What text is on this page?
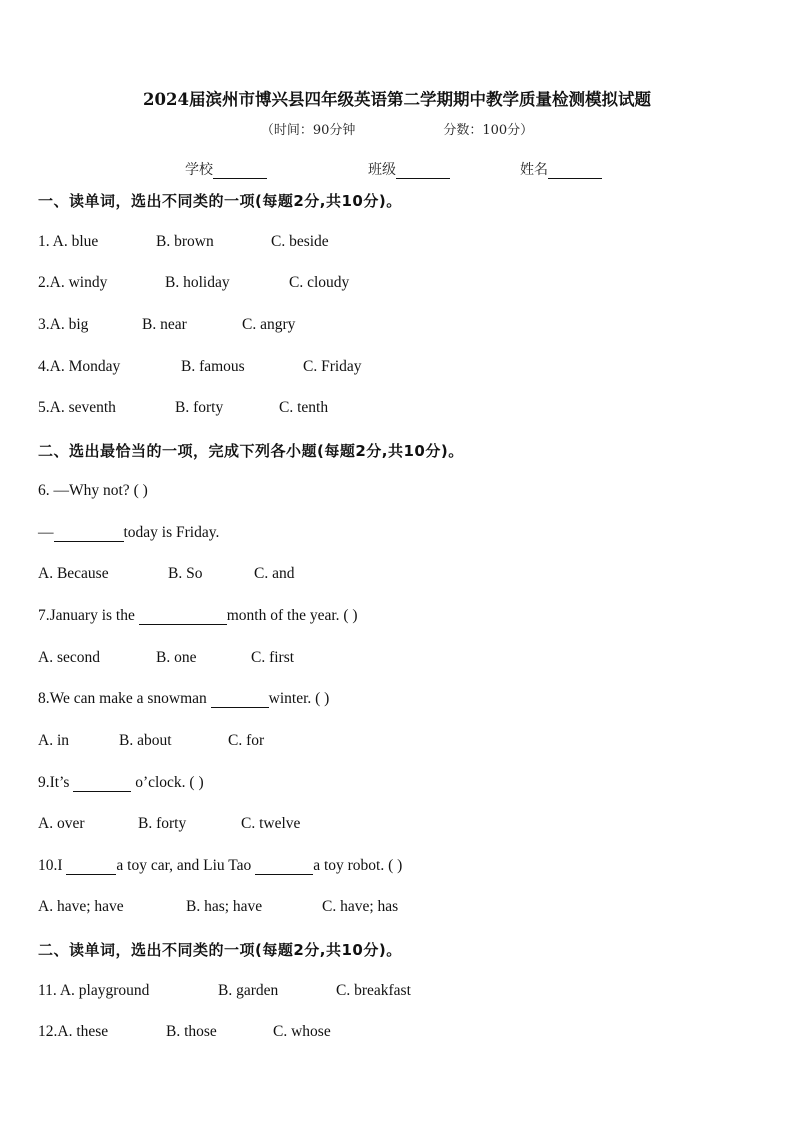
2024届滨州市博兴县四年级英语第二学期期中教学质量检测模拟试题
（时间：90分钟	分数：100分）
学校	班级	姓名
一、读单词，选出不同类的一项(每题2分,共10分)。
1. A. blue	B. brown	C. beside
2.A. windy	B. holiday	C. cloudy
3.A. big	B. near	C. angry
4.A. Monday	B. famous	C. Friday
5.A. seventh	B. forty	C. tenth
二、选出最恰当的一项，完成下列各小题(每题2分,共10分)。
6. —Why not? ( )
—	today is Friday.
A. Because	B. So	C. and
7.January is the	month of the year. ( )
A. second	B. one	C. first
8.We can make a snowman	winter. ( )
A. in	B. about	C. for
9.It’s	o’clock. ( )
A. over	B. forty	C. twelve
10.I	a toy car, and Liu Tao	a toy robot. ( )
A. have; have	B. has; have	C. have; has
二、读单词，选出不同类的一项(每题2分,共10分)。
11. A. playground	B. garden	C. breakfast
12.A. these	B. those	C. whose
